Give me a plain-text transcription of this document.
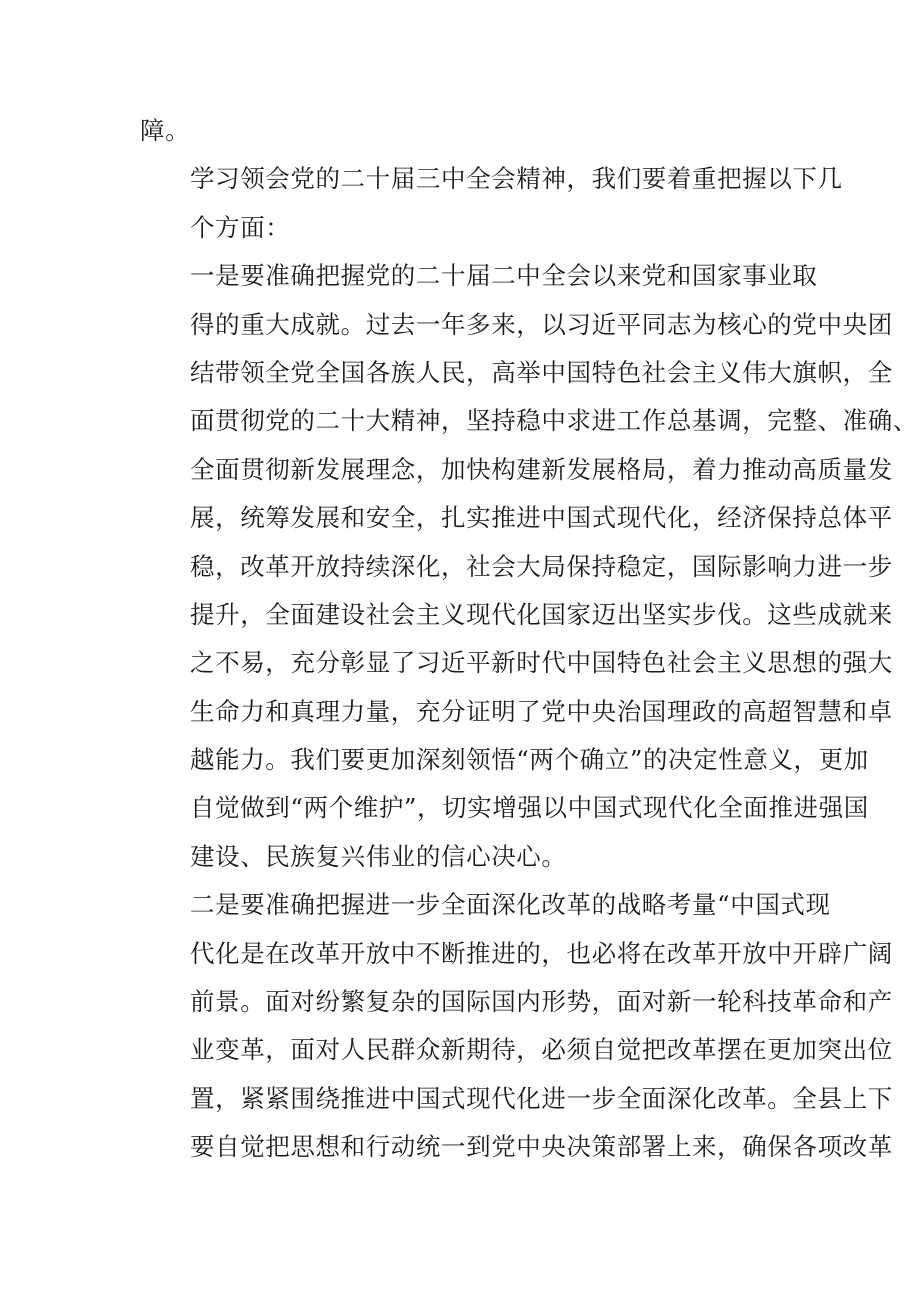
障。

学习领会党的二十届三中全会精神，我们要着重把握以下几
个方面：

一是要准确把握党的二十届二中全会以来党和国家事业取
得的重大成就。过去一年多来，以习近平同志为核心的党中央团
结带领全党全国各族人民，高举中国特色社会主义伟大旗帜，全
面贯彻党的二十大精神，坚持稳中求进工作总基调，完整、准确、
全面贯彻新发展理念，加快构建新发展格局，着力推动高质量发
展，统筹发展和安全，扎实推进中国式现代化，经济保持总体平
稳，改革开放持续深化，社会大局保持稳定，国际影响力进一步
提升，全面建设社会主义现代化国家迈出坚实步伐。这些成就来
之不易，充分彰显了习近平新时代中国特色社会主义思想的强大
生命力和真理力量，充分证明了党中央治国理政的高超智慧和卓
越能力。我们要更加深刻领悟“两个确立”的决定性意义，更加
自觉做到“两个维护”，切实增强以中国式现代化全面推进强国
建设、民族复兴伟业的信心决心。

二是要准确把握进一步全面深化改革的战略考量“中国式现
代化是在改革开放中不断推进的，也必将在改革开放中开辟广阔
前景。面对纷繁复杂的国际国内形势，面对新一轮科技革命和产
业变革，面对人民群众新期待，必须自觉把改革摆在更加突出位
置，紧紧围绕推进中国式现代化进一步全面深化改革。全县上下
要自觉把思想和行动统一到党中央决策部署上来，确保各项改革
